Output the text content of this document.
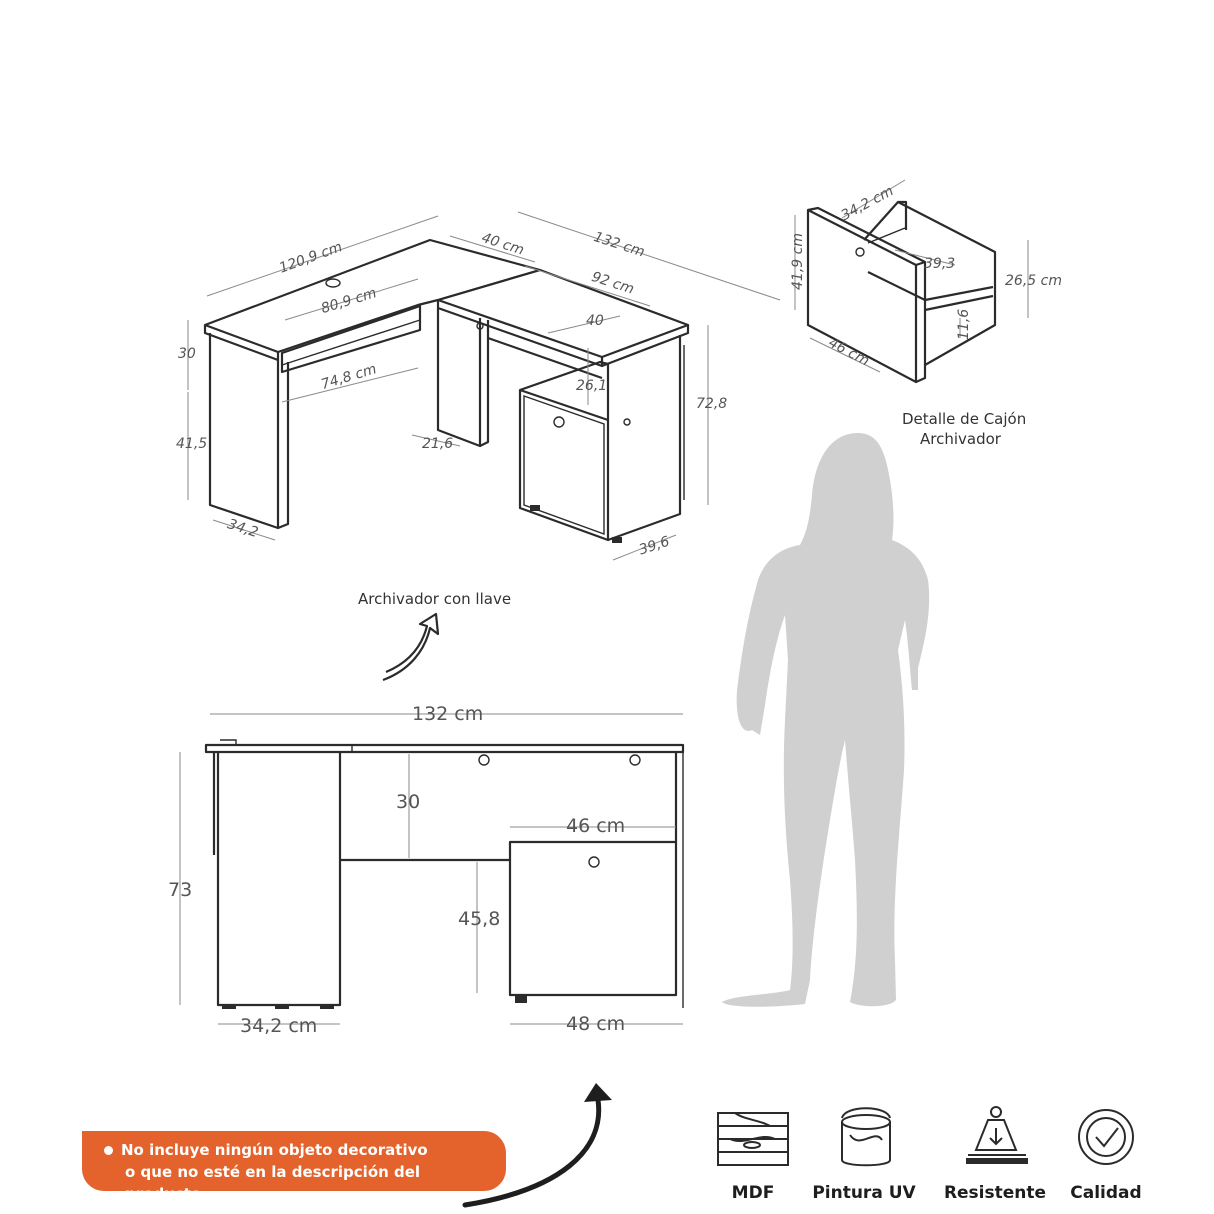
120,9 cm	40 cm	132 cm
92 cm
80,9 cm
40
30
74,8 cm	26,1
72,8
41,5	21,6
34,2
39,6
Archivador con llave
34,2 cm
41,9 cm	39,3
26,5 cm
11,6
46 cm
Detalle de Cajón
Archivador
132 cm
30
46 cm
73
45,8
34,2 cm	48 cm
No incluye ningún objeto decorativo
o que no esté en la descripción del producto.	MDF	Pintura UV	Resistente	Calidad
